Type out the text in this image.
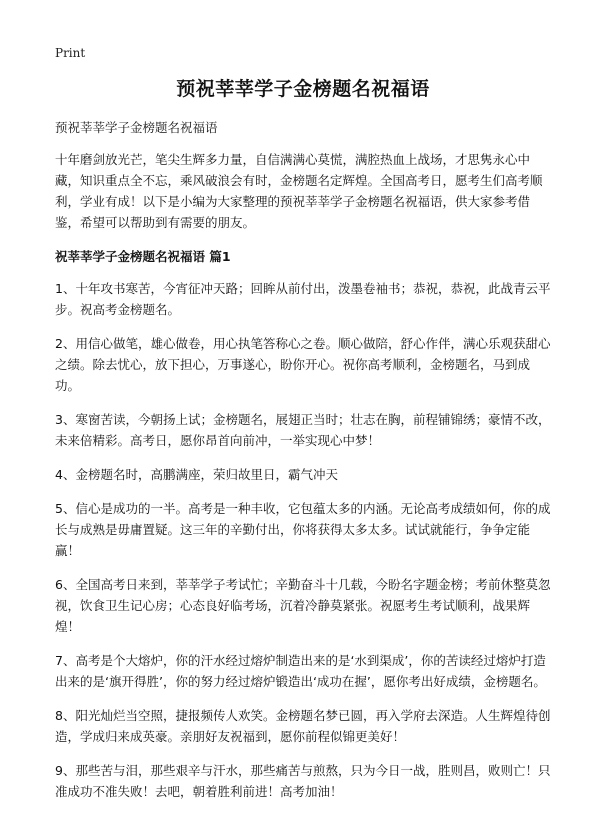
Print
预祝莘莘学子金榜题名祝福语

预祝莘莘学子金榜题名祝福语

十年磨剑放光芒，笔尖生辉多力量，自信满满心莫慌，满腔热血上战场，才思隽永心中藏，知识重点全不忘，乘风破浪会有时，金榜题名定辉煌。全国高考日，愿考生们高考顺利，学业有成！以下是小编为大家整理的预祝莘莘学子金榜题名祝福语，供大家参考借鉴，希望可以帮助到有需要的朋友。

祝莘莘学子金榜题名祝福语 篇1

1、十年攻书寒苦，今宵征冲天路；回眸从前付出，泼墨卷袖书；恭祝，恭祝，此战青云平步。祝高考金榜题名。

2、用信心做笔，雄心做卷，用心执笔答称心之卷。顺心做陪，舒心作伴，满心乐观获甜心之绩。除去忧心，放下担心，万事遂心，盼你开心。祝你高考顺利，金榜题名，马到成功。

3、寒窗苦读，今朝扬上试；金榜题名，展翅正当时；壮志在胸，前程铺锦绣；豪情不改，未来倍精彩。高考日，愿你昂首向前冲，一举实现心中梦！

4、金榜题名时，高鹏满座，荣归故里日，霸气冲天

5、信心是成功的一半。高考是一种丰收，它包蕴太多的内涵。无论高考成绩如何，你的成长与成熟是毋庸置疑。这三年的辛勤付出，你将获得太多太多。试试就能行，争争定能赢！

6、全国高考日来到，莘莘学子考试忙；辛勤奋斗十几载，今盼名字题金榜；考前休整莫忽视，饮食卫生记心房；心态良好临考场，沉着冷静莫紧张。祝愿考生考试顺利，战果辉煌！

7、高考是个大熔炉，你的汗水经过熔炉制造出来的是‘水到渠成’，你的苦读经过熔炉打造出来的是‘旗开得胜’，你的努力经过熔炉锻造出‘成功在握’，愿你考出好成绩，金榜题名。

8、阳光灿烂当空照，捷报频传人欢笑。金榜题名梦已圆，再入学府去深造。人生辉煌待创造，学成归来成英豪。亲朋好友祝福到，愿你前程似锦更美好！

9、那些苦与泪，那些艰辛与汗水，那些痛苦与煎熬，只为今日一战，胜则昌，败则亡！只准成功不准失败！去吧，朝着胜利前进！高考加油！
